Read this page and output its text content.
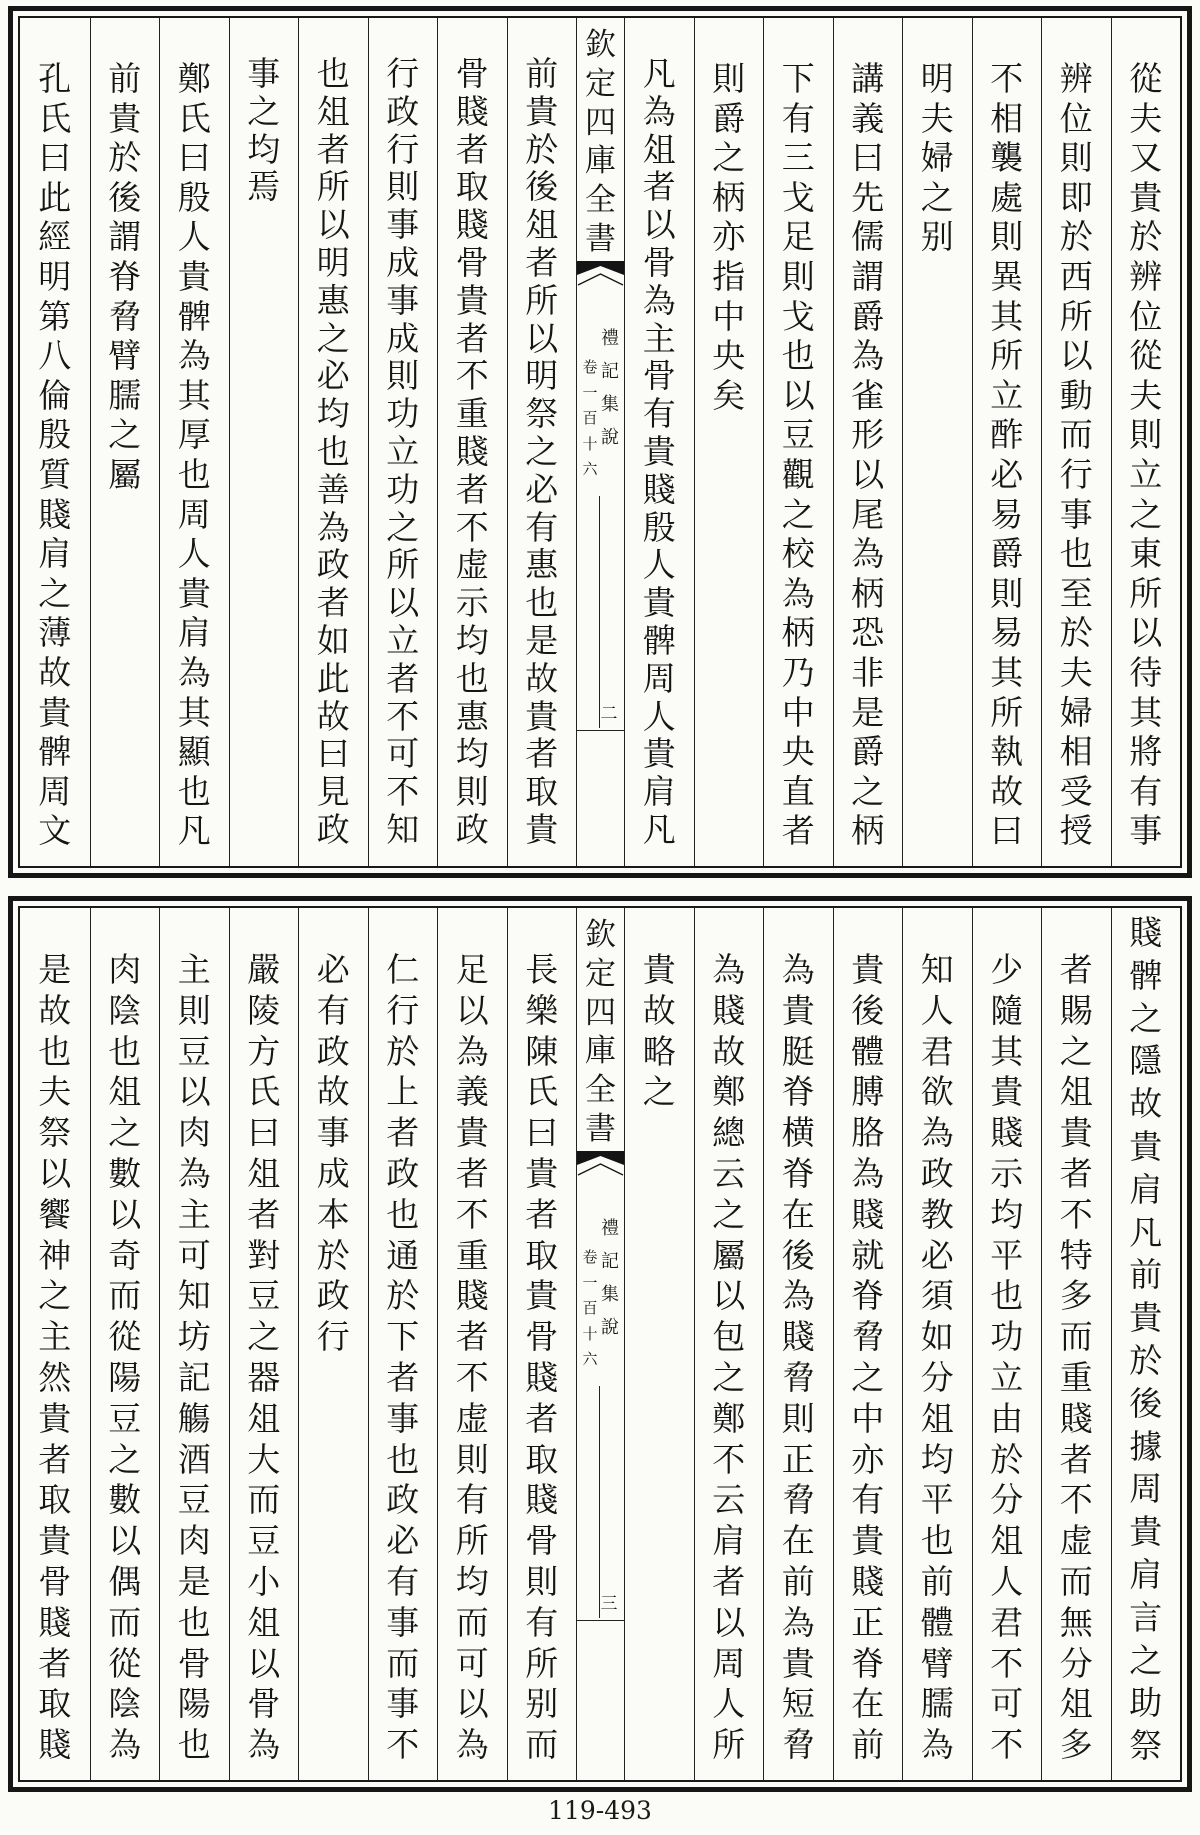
從
夫
又
貴
於
辨
位
從
夫
則
立
之
東
所
以
待
其
將
有
事
辨
位
則
即
於
西
所
以
動
而
行
事
也
至
於
夫
婦
相
受
授
不
相
襲
處
則
異
其
所
立
酢
必
易
爵
則
易
其
所
執
故
曰
明
夫
婦
之
别
講
義
曰
先
儒
謂
爵
為
雀
形
以
尾
為
柄
恐
非
是
爵
之
柄
下
有
三
戈
足
則
戈
也
以
豆
觀
之
校
為
柄
乃
中
央
直
者
則
爵
之
柄
亦
指
中
央
矣
凡
為
俎
者
以
骨
為
主
骨
有
貴
賤
殷
人
貴
髀
周
人
貴
肩
凡
欽
定
四
庫
全
書
禮
記
集
說
卷
一
百
十
六
二
前
貴
於
後
俎
者
所
以
明
祭
之
必
有
惠
也
是
故
貴
者
取
貴
骨
賤
者
取
賤
骨
貴
者
不
重
賤
者
不
虚
示
均
也
惠
均
則
政
行
政
行
則
事
成
事
成
則
功
立
功
之
所
以
立
者
不
可
不
知
也
俎
者
所
以
明
惠
之
必
均
也
善
為
政
者
如
此
故
曰
見
政
事
之
均
焉
鄭
氏
曰
殷
人
貴
髀
為
其
厚
也
周
人
貴
肩
為
其
顯
也
凡
前
貴
於
後
謂
脊
脅
臂
臑
之
屬
孔
氏
曰
此
經
明
第
八
倫
殷
質
賤
肩
之
薄
故
貴
髀
周
文
賤
髀
之
隱
故
貴
肩
凡
前
貴
於
後
據
周
貴
肩
言
之
助
祭
者
賜
之
俎
貴
者
不
特
多
而
重
賤
者
不
虚
而
無
分
俎
多
少
隨
其
貴
賤
示
均
平
也
功
立
由
於
分
俎
人
君
不
可
不
知
人
君
欲
為
政
教
必
須
如
分
俎
均
平
也
前
體
臂
臑
為
貴
後
體
膊
胳
為
賤
就
脊
脅
之
中
亦
有
貴
賤
正
脊
在
前
為
貴
脡
脊
横
脊
在
後
為
賤
脅
則
正
脅
在
前
為
貴
短
脅
為
賤
故
鄭
總
云
之
屬
以
包
之
鄭
不
云
肩
者
以
周
人
所
貴
故
略
之
欽
定
四
庫
全
書
禮
記
集
說
卷
一
百
十
六
三
長
樂
陳
氏
曰
貴
者
取
貴
骨
賤
者
取
賤
骨
則
有
所
别
而
足
以
為
義
貴
者
不
重
賤
者
不
虚
則
有
所
均
而
可
以
為
仁
行
於
上
者
政
也
通
於
下
者
事
也
政
必
有
事
而
事
不
必
有
政
故
事
成
本
於
政
行
嚴
陵
方
氏
曰
俎
者
對
豆
之
器
俎
大
而
豆
小
俎
以
骨
為
主
則
豆
以
肉
為
主
可
知
坊
記
觴
酒
豆
肉
是
也
骨
陽
也
肉
陰
也
俎
之
數
以
奇
而
從
陽
豆
之
數
以
偶
而
從
陰
為
是
故
也
夫
祭
以
饗
神
之
主
然
貴
者
取
貴
骨
賤
者
取
賤
119-493
